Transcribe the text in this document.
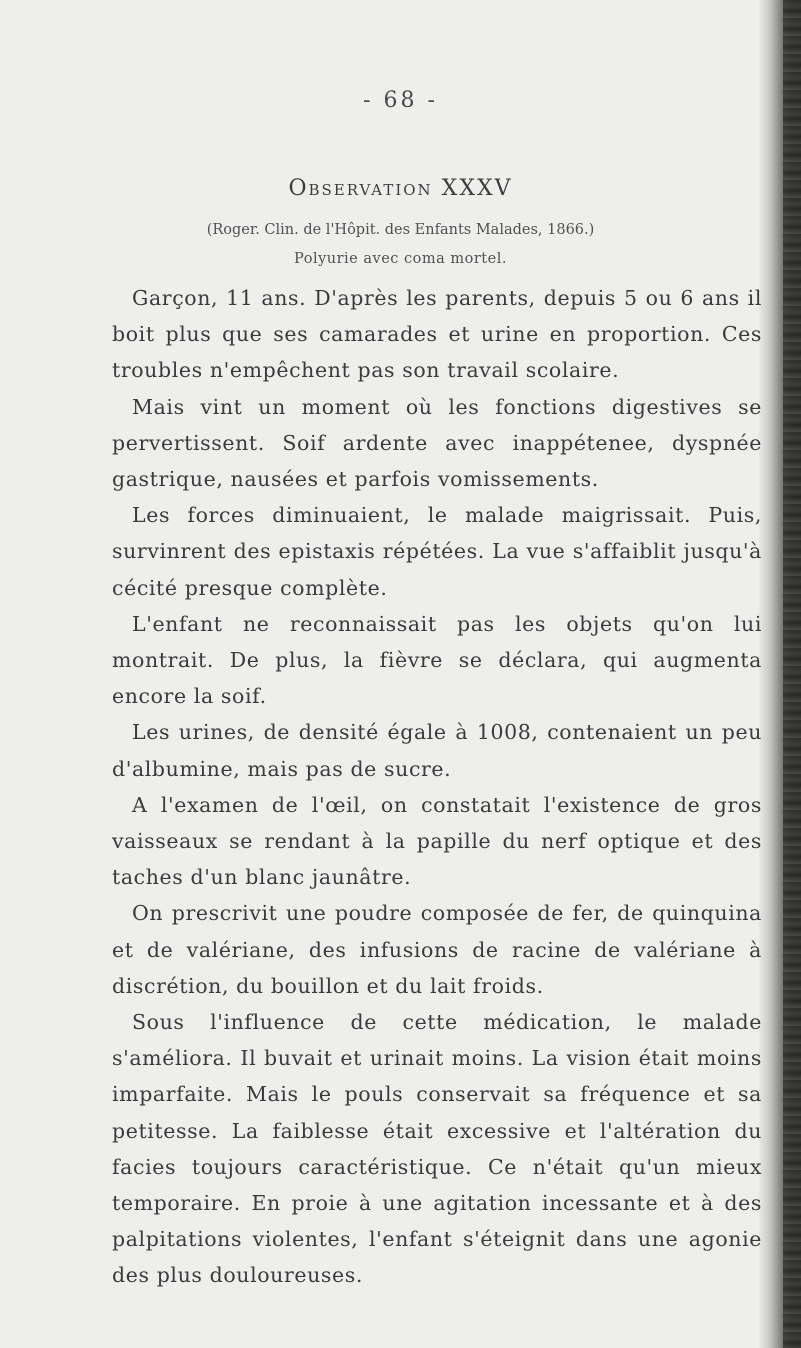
- 68 -
Observation XXXV
(Roger. Clin. de l'Hôpit. des Enfants Malades, 1866.)
Polyurie avec coma mortel.

Garçon, 11 ans. D'après les parents, depuis 5 ou 6 ans il boit plus que ses camarades et urine en proportion. Ces troubles n'empêchent pas son travail scolaire.

Mais vint un moment où les fonctions digestives se pervertissent. Soif ardente avec inappétenee, dyspnée gastrique, nausées et parfois vomissements.

Les forces diminuaient, le malade maigrissait. Puis, survinrent des epistaxis répétées. La vue s'affaiblit jusqu'à cécité presque complète.

L'enfant ne reconnaissait pas les objets qu'on lui montrait. De plus, la fièvre se déclara, qui augmenta encore la soif.

Les urines, de densité égale à 1008, contenaient un peu d'albumine, mais pas de sucre.

A l'examen de l'œil, on constatait l'existence de gros vaisseaux se rendant à la papille du nerf optique et des taches d'un blanc jaunâtre.

On prescrivit une poudre composée de fer, de quinquina et de valériane, des infusions de racine de valériane à discrétion, du bouillon et du lait froids.

Sous l'influence de cette médication, le malade s'améliora. Il buvait et urinait moins. La vision était moins imparfaite. Mais le pouls conservait sa fréquence et sa petitesse. La faiblesse était excessive et l'altération du facies toujours caractéristique. Ce n'était qu'un mieux temporaire. En proie à une agitation incessante et à des palpitations violentes, l'enfant s'éteignit dans une agonie des plus douloureuses.
